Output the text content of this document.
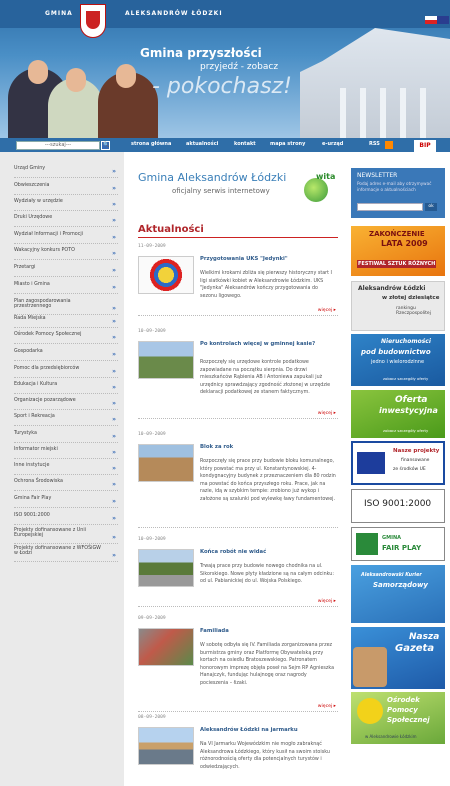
GMINA	ALEKSANDRÓW ŁÓDZKI
Gmina przyszłości
przyjedź - zobacz
- pokochasz!
---szukaj---
🔍	strona główna	aktualności	kontakt	mapa strony	e-urząd	RSS	BIP
Urząd Gminy	»
Obwieszczenia	»
Wydziały w urzędzie	»
Druki Urzędowe	»
Wydział Informacji i Promocji	»
Wakacyjny konkurs POTO	»
Przetargi	»
Miasto i Gmina	»
Plan zagospodarowania przestrzennego	»
Rada Miejska	»
Ośrodek Pomocy Społecznej	»
Gospodarka	»
Pomoc dla przedsiębiorców	»
Edukacja i Kultura	»
Organizacje pozarządowe	»
Sport i Rekreacja	»
Turystyka	»
Informator miejski	»
Inne instytucje	»
Ochrona Środowiska	»
Gmina Fair Play	»
ISO 9001:2000	»
Projekty dofinansowane z Unii Europejskiej	»
Projekty dofinansowane z WFOŚiGW w Łodzi	»
Gmina Aleksandrów Łódzki
oficjalny serwis internetowy
wita
Aktualności
11-09-2009
Przygotowania UKS "Jedynki"
Wielkimi krokami zbliża się pierwszy historyczny start I ligi siatkówki kobiet w Aleksandrowie Łódzkim. UKS "Jedynka" Aleksandrów kończy przygotowania do sezonu ligowego.
więcej ▸
10-09-2009
Po kontrolach więcej w gminnej kasie?
Rozpoczęły się urzędowe kontrole podatkowe zapowiadane na początku sierpnia. Do drzwi mieszkańców Rąbienia AB i Antoniewa zapukali już urzędnicy sprawdzający zgodność złożonej w urzędzie deklaracji podatkowej ze stanem faktycznym.
więcej ▸
10-09-2009
Blok za rok
Rozpoczęły się prace przy budowie bloku komunalnego, który powstać ma przy ul. Konstantynowskiej. 4-kondygnacyjny budynek z przeznaczeniem dla 80 rodzin ma powstać do końca przyszłego roku. Prace, jak na razie, idą w szybkim tempie: zrobiono już wykop i założone są szalunki pod wylewkę ławy fundamentowej.
10-09-2009
Końca robót nie widać
Trwają prace przy budowie nowego chodnika na ul. Sikorskiego. Nowe płyty kładzione są na całym odcinku: od ul. Pabianickiej do ul. Wojska Polskiego.
więcej ▸
09-09-2009
Familiada
W sobotę odbyła się IV. Familiada zorganizowana przez burmistrza gminy oraz Platformę Obywatelską przy kortach na osiedlu Bratoszewskiego. Patronatem honorowym imprezę objęła poseł na Sejm RP Agnieszka Hanajczyk, fundując hulajnogę oraz nagrody pocieszenia – łizaki.
więcej ▸
08-09-2009
Aleksandrów Łódzki na jarmarku
Na VI Jarmarku Wojewódzkim nie mogło zabraknąć Aleksandrowa Łódzkiego, który kusił na swoim stoisku różnorodnością oferty dla potencjalnych turystów i odwiedzających.
NEWSLETTER
Podaj adres e-mail aby otrzymywać informacje o aktualnościach
ok
ZAKOŃCZENIE
LATA 2009
FESTIWAL SZTUK RÓŻNYCH
Aleksandrów Łódzki
w złotej dziesiątce
rankingu Rzeczpospolitej
Nieruchomości
pod budownictwo
jedno i wielorodzinne
zobacz szczegóły oferty
Oferta
inwestycyjna
zobacz szczegóły oferty
Nasze projekty
finansowane
ze środków UE
ISO 9001:2000
GMINA
FAIR PLAY
Aleksandrowski Kurier
Samorządowy
Nasza
Gazeta
Ośrodek
Pomocy
Społecznej
w Aleksandrowie Łódzkim
